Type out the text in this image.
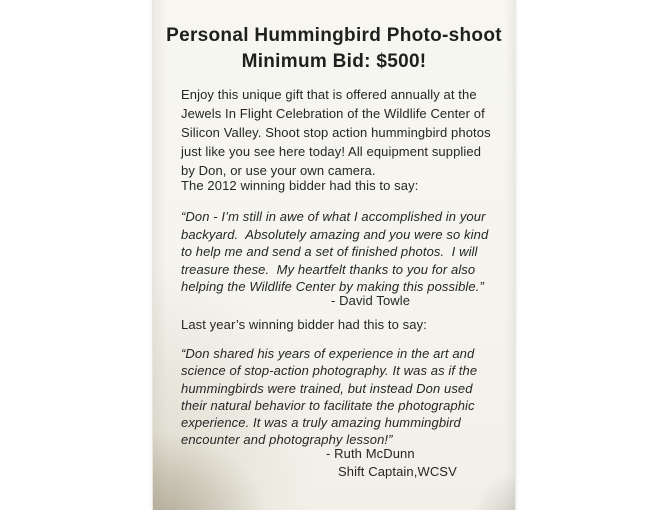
Personal Hummingbird Photo-shoot
Minimum Bid: $500!
Enjoy this unique gift that is offered annually at the
Jewels In Flight Celebration of the Wildlife Center of
Silicon Valley. Shoot stop action hummingbird photos
just like you see here today! All equipment supplied
by Don, or use your own camera.
The 2012 winning bidder had this to say:
“Don - I’m still in awe of what I accomplished in your
backyard.  Absolutely amazing and you were so kind
to help me and send a set of finished photos.  I will
treasure these.  My heartfelt thanks to you for also
helping the Wildlife Center by making this possible.”
- David Towle
Last year’s winning bidder had this to say:
“Don shared his years of experience in the art and
science of stop-action photography. It was as if the
hummingbirds were trained, but instead Don used
their natural behavior to facilitate the photographic
experience. It was a truly amazing hummingbird
encounter and photography lesson!”
- Ruth McDunn
Shift Captain,WCSV
